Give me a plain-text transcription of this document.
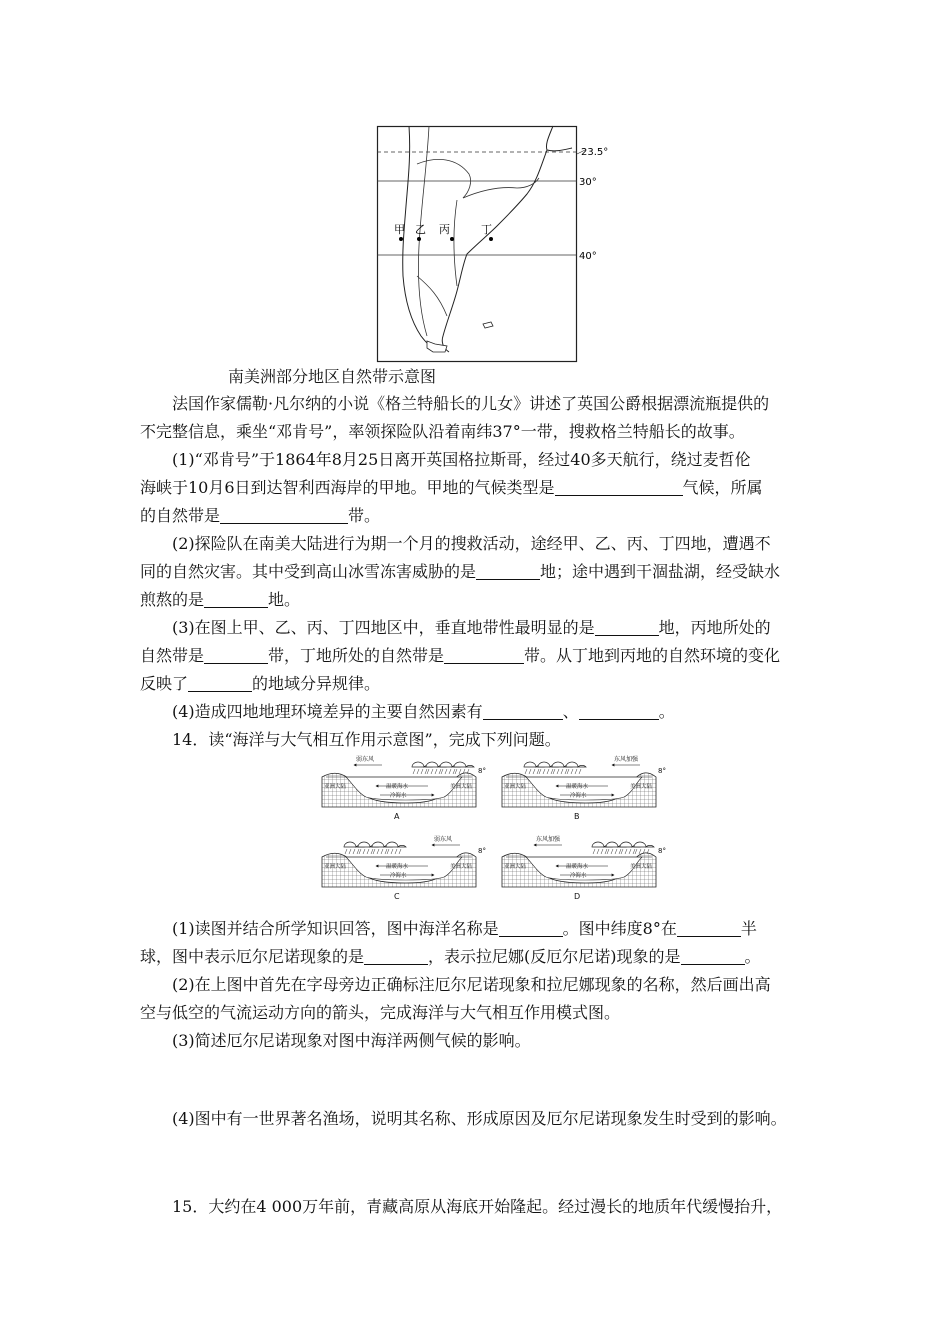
甲 乙 丙	丁
23.5°
30°
40°
南美洲部分地区自然带示意图
法国作家儒勒·凡尔纳的小说《格兰特船长的儿女》讲述了英国公爵根据漂流瓶提供的
不完整信息，乘坐“邓肯号”，率领探险队沿着南纬37°一带，搜救格兰特船长的故事。
(1)“邓肯号”于1864年8月25日离开英国格拉斯哥，经过40多天航行，绕过麦哲伦
海峡于10月6日到达智利西海岸的甲地。甲地的气候类型是	气候，所属
的自然带是	带。
(2)探险队在南美大陆进行为期一个月的搜救活动，途经甲、乙、丙、丁四地，遭遇不
同的自然灾害。其中受到高山冰雪冻害威胁的是	地；途中遇到干涸盐湖，经受缺水
煎熬的是	地。
(3)在图上甲、乙、丙、丁四地区中，垂直地带性最明显的是	地，丙地所处的
自然带是	带，丁地所处的自然带是	带。从丁地到丙地的自然环境的变化
反映了	的地域分异规律。
(4)造成四地地理环境差异的主要自然因素有	、	。
14．读“海洋与大气相互作用示意图”，完成下列问题。
亚洲大陆	美洲大陆
温暖海水
冷海水
弱东风
8°
A
亚洲大陆	美洲大陆
温暖海水
冷海水
东风加强
8°
B
亚洲大陆	美洲大陆
温暖海水
冷海水
弱东风
8°
C
亚洲大陆	美洲大陆
温暖海水
冷海水
东风加强
8°
D
(1)读图并结合所学知识回答，图中海洋名称是	。图中纬度8°在	半
球，图中表示厄尔尼诺现象的是	，表示拉尼娜(反厄尔尼诺)现象的是	。
(2)在上图中首先在字母旁边正确标注厄尔尼诺现象和拉尼娜现象的名称，然后画出高
空与低空的气流运动方向的箭头，完成海洋与大气相互作用模式图。
(3)简述厄尔尼诺现象对图中海洋两侧气候的影响。
(4)图中有一世界著名渔场，说明其名称、形成原因及厄尔尼诺现象发生时受到的影响。
15．大约在4 000万年前，青藏高原从海底开始隆起。经过漫长的地质年代缓慢抬升，
